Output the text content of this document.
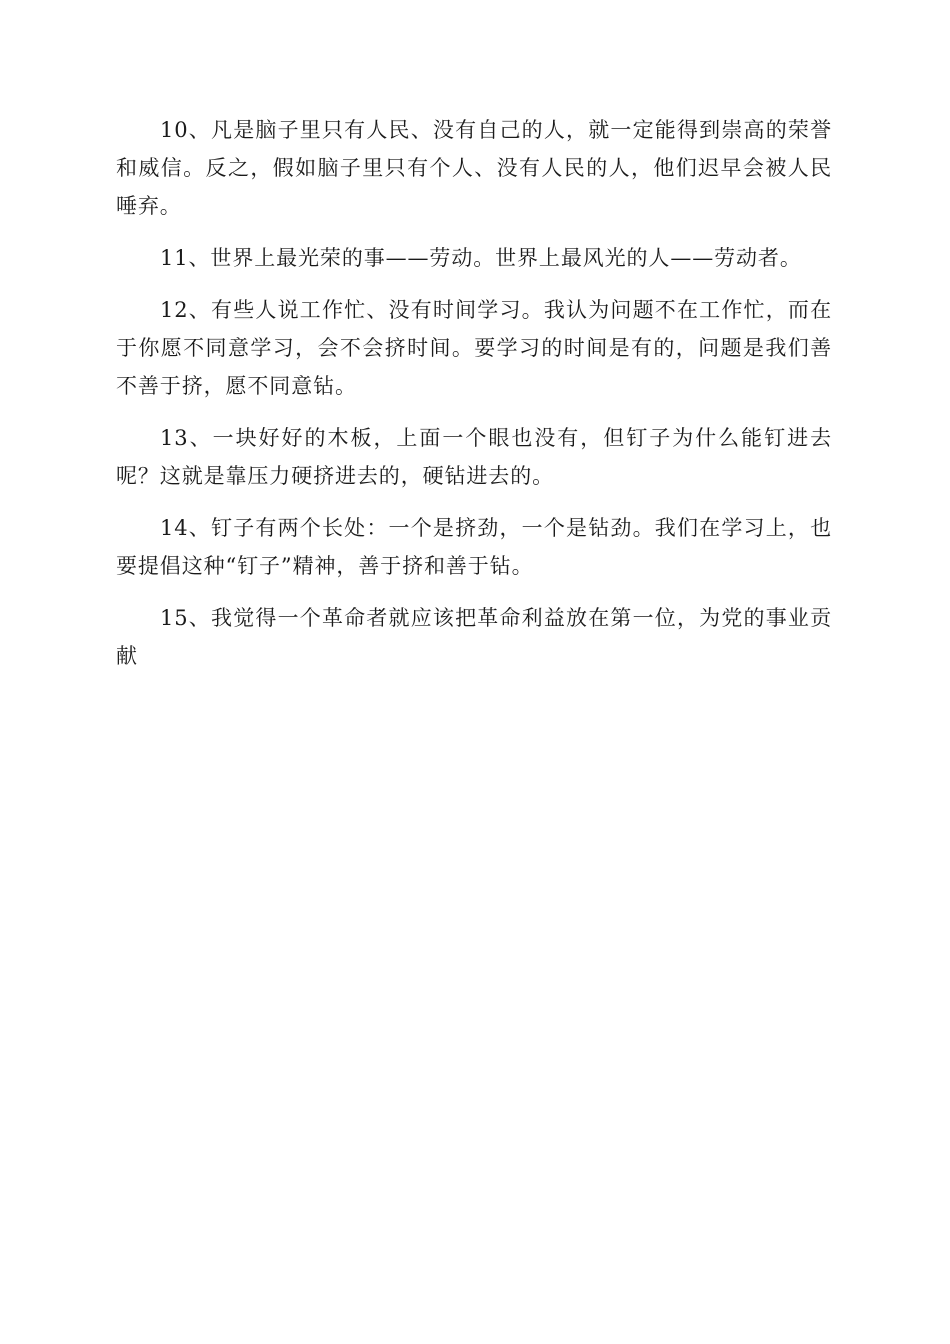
10、凡是脑子里只有人民、没有自己的人，就一定能得到崇高的荣誉和威信。反之，假如脑子里只有个人、没有人民的人，他们迟早会被人民唾弃。

11、世界上最光荣的事——劳动。世界上最风光的人——劳动者。

12、有些人说工作忙、没有时间学习。我认为问题不在工作忙，而在于你愿不同意学习，会不会挤时间。要学习的时间是有的，问题是我们善不善于挤，愿不同意钻。

13、一块好好的木板，上面一个眼也没有，但钉子为什么能钉进去呢？这就是靠压力硬挤进去的，硬钻进去的。

14、钉子有两个长处：一个是挤劲，一个是钻劲。我们在学习上，也要提倡这种“钉子”精神，善于挤和善于钻。

15、我觉得一个革命者就应该把革命利益放在第一位，为党的事业贡献
